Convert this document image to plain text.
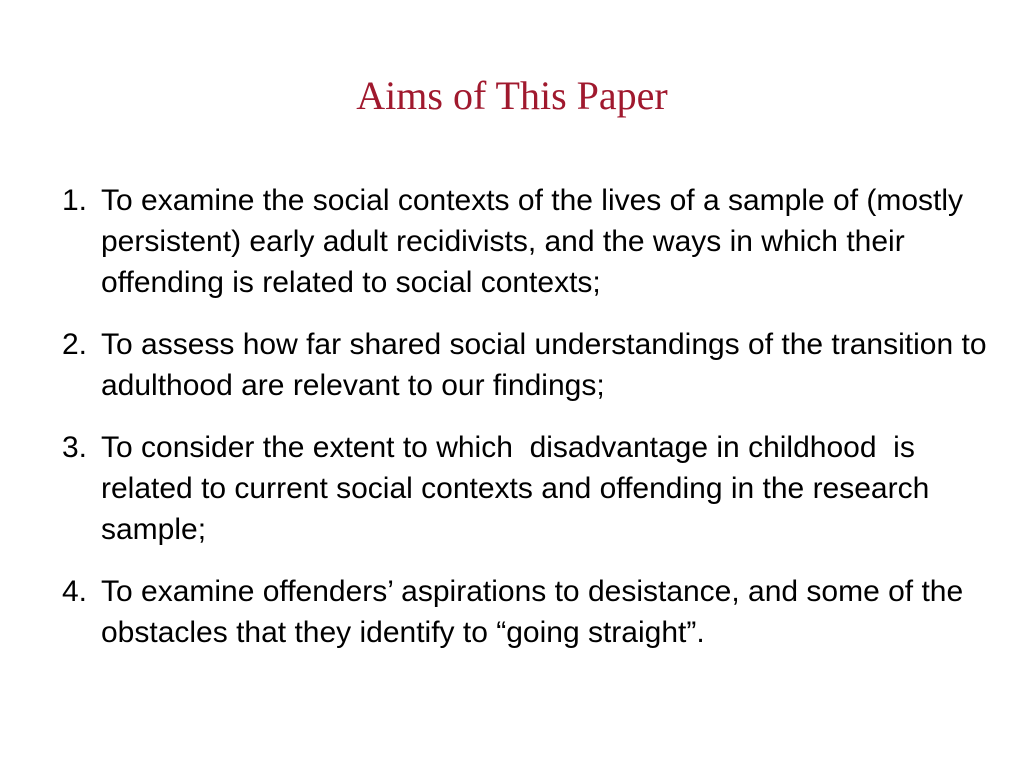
Aims of This Paper
1. To examine the social contexts of the lives of a sample of (mostly persistent) early adult recidivists, and the ways in which their offending is related to social contexts;
2. To assess how far shared social understandings of the transition to adulthood are relevant to our findings;
3. To consider the extent to which  disadvantage in childhood  is related to current social contexts and offending in the research sample;
4. To examine offenders’ aspirations to desistance, and some of the obstacles that they identify to “going straight”.
